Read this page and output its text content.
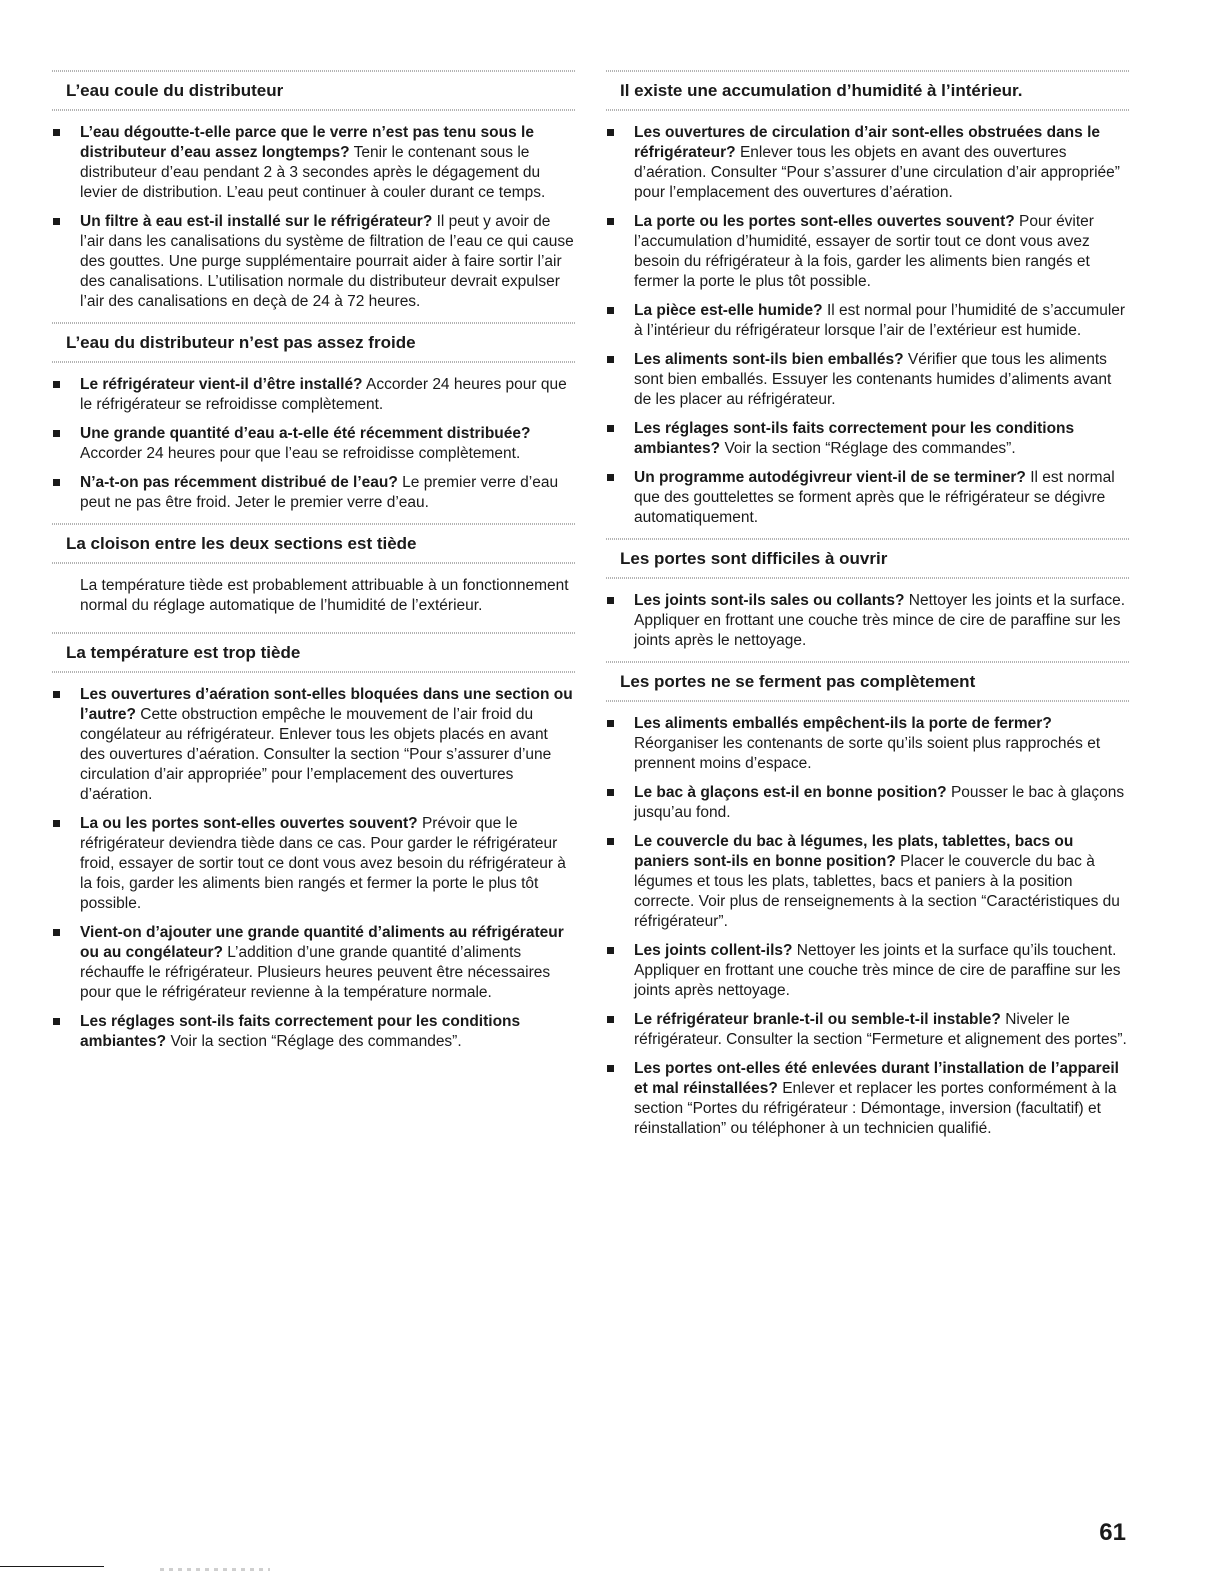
L’eau coule du distributeur
L’eau dégoutte-t-elle parce que le verre n’est pas tenu sous le distributeur d’eau assez longtemps? Tenir le contenant sous le distributeur d’eau pendant 2 à 3 secondes après le dégagement du levier de distribution. L’eau peut continuer à couler durant ce temps.
Un filtre à eau est-il installé sur le réfrigérateur? Il peut y avoir de l’air dans les canalisations du système de filtration de l’eau ce qui cause des gouttes. Une purge supplémentaire pourrait aider à faire sortir l’air des canalisations. L’utilisation normale du distributeur devrait expulser l’air des canalisations en deçà de 24 à 72 heures.
L’eau du distributeur n’est pas assez froide
Le réfrigérateur vient-il d’être installé? Accorder 24 heures pour que le réfrigérateur se refroidisse complètement.
Une grande quantité d’eau a-t-elle été récemment distribuée? Accorder 24 heures pour que l’eau se refroidisse complètement.
N’a-t-on pas récemment distribué de l’eau? Le premier verre d’eau peut ne pas être froid. Jeter le premier verre d’eau.
La cloison entre les deux sections est tiède

La température tiède est probablement attribuable à un fonctionnement normal du réglage automatique de l’humidité de l’extérieur.

La température est trop tiède
Les ouvertures d’aération sont-elles bloquées dans une section ou l’autre? Cette obstruction empêche le mouvement de l’air froid du congélateur au réfrigérateur. Enlever tous les objets placés en avant des ouvertures d’aération. Consulter la section “Pour s’assurer d’une circulation d’air appropriée” pour l’emplacement des ouvertures d’aération.
La ou les portes sont-elles ouvertes souvent? Prévoir que le réfrigérateur deviendra tiède dans ce cas. Pour garder le réfrigérateur froid, essayer de sortir tout ce dont vous avez besoin du réfrigérateur à la fois, garder les aliments bien rangés et fermer la porte le plus tôt possible.
Vient-on d’ajouter une grande quantité d’aliments au réfrigérateur ou au congélateur? L’addition d’une grande quantité d’aliments réchauffe le réfrigérateur. Plusieurs heures peuvent être nécessaires pour que le réfrigérateur revienne à la température normale.
Les réglages sont-ils faits correctement pour les conditions ambiantes? Voir la section “Réglage des commandes”.
Il existe une accumulation d’humidité à l’intérieur.
Les ouvertures de circulation d’air sont-elles obstruées dans le réfrigérateur? Enlever tous les objets en avant des ouvertures d’aération. Consulter “Pour s’assurer d’une circulation d’air appropriée” pour l’emplacement des ouvertures d’aération.
La porte ou les portes sont-elles ouvertes souvent? Pour éviter l’accumulation d’humidité, essayer de sortir tout ce dont vous avez besoin du réfrigérateur à la fois, garder les aliments bien rangés et fermer la porte le plus tôt possible.
La pièce est-elle humide? Il est normal pour l’humidité de s’accumuler à l’intérieur du réfrigérateur lorsque l’air de l’extérieur est humide.
Les aliments sont-ils bien emballés? Vérifier que tous les aliments sont bien emballés. Essuyer les contenants humides d’aliments avant de les placer au réfrigérateur.
Les réglages sont-ils faits correctement pour les conditions ambiantes? Voir la section “Réglage des commandes”.
Un programme autodégivreur vient-il de se terminer? Il est normal que des gouttelettes se forment après que le réfrigérateur se dégivre automatiquement.
Les portes sont difficiles à ouvrir
Les joints sont-ils sales ou collants? Nettoyer les joints et la surface. Appliquer en frottant une couche très mince de cire de paraffine sur les joints après le nettoyage.
Les portes ne se ferment pas complètement
Les aliments emballés empêchent-ils la porte de fermer? Réorganiser les contenants de sorte qu’ils soient plus rapprochés et prennent moins d’espace.
Le bac à glaçons est-il en bonne position? Pousser le bac à glaçons jusqu’au fond.
Le couvercle du bac à légumes, les plats, tablettes, bacs ou paniers sont-ils en bonne position? Placer le couvercle du bac à légumes et tous les plats, tablettes, bacs et paniers à la position correcte. Voir plus de renseignements à la section “Caractéristiques du réfrigérateur”.
Les joints collent-ils? Nettoyer les joints et la surface qu’ils touchent. Appliquer en frottant une couche très mince de cire de paraffine sur les joints après nettoyage.
Le réfrigérateur branle-t-il ou semble-t-il instable? Niveler le réfrigérateur. Consulter la section “Fermeture et alignement des portes”.
Les portes ont-elles été enlevées durant l’installation de l’appareil et mal réinstallées? Enlever et replacer les portes conformément à la section “Portes du réfrigérateur : Démontage, inversion (facultatif) et réinstallation” ou téléphoner à un technicien qualifié.
61
